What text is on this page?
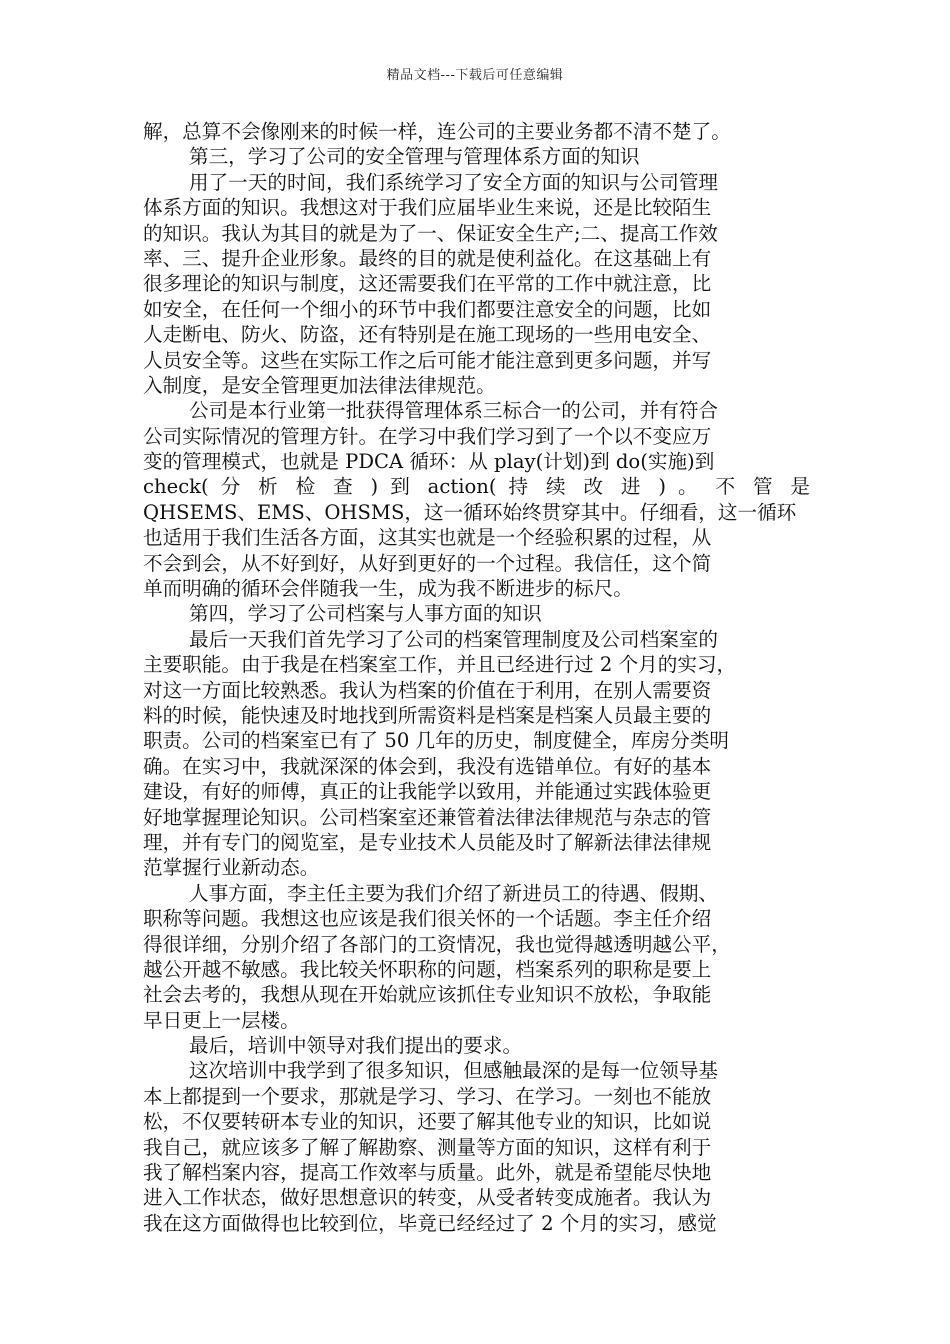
精品文档---下载后可任意编辑
解，总算不会像刚来的时候一样，连公司的主要业务都不清不楚了。
第三，学习了公司的安全管理与管理体系方面的知识
用了一天的时间，我们系统学习了安全方面的知识与公司管理
体系方面的知识。我想这对于我们应届毕业生来说，还是比较陌生
的知识。我认为其目的就是为了一、保证安全生产;二、提高工作效
率、三、提升企业形象。最终的目的就是使利益化。在这基础上有
很多理论的知识与制度，这还需要我们在平常的工作中就注意，比
如安全，在任何一个细小的环节中我们都要注意安全的问题，比如
人走断电、防火、防盗，还有特别是在施工现场的一些用电安全、
人员安全等。这些在实际工作之后可能才能注意到更多问题，并写
入制度，是安全管理更加法律法律规范。
公司是本行业第一批获得管理体系三标合一的公司，并有符合
公司实际情况的管理方针。在学习中我们学习到了一个以不变应万
变的管理模式，也就是 PDCA 循环：从 play(计划)到 do(实施)到
check( 分 析 检 查 ) 到 action( 持 续 改 进 ) 。 不 管 是
QHSEMS、EMS、OHSMS，这一循环始终贯穿其中。仔细看，这一循环
也适用于我们生活各方面，这其实也就是一个经验积累的过程，从
不会到会，从不好到好，从好到更好的一个过程。我信任，这个简
单而明确的循环会伴随我一生，成为我不断进步的标尺。
第四，学习了公司档案与人事方面的知识
最后一天我们首先学习了公司的档案管理制度及公司档案室的
主要职能。由于我是在档案室工作，并且已经进行过 2 个月的实习，
对这一方面比较熟悉。我认为档案的价值在于利用，在别人需要资
料的时候，能快速及时地找到所需资料是档案是档案人员最主要的
职责。公司的档案室已有了 50 几年的历史，制度健全，库房分类明
确。在实习中，我就深深的体会到，我没有选错单位。有好的基本
建设，有好的师傅，真正的让我能学以致用，并能通过实践体验更
好地掌握理论知识。公司档案室还兼管着法律法律规范与杂志的管
理，并有专门的阅览室，是专业技术人员能及时了解新法律法律规
范掌握行业新动态。
人事方面，李主任主要为我们介绍了新进员工的待遇、假期、
职称等问题。我想这也应该是我们很关怀的一个话题。李主任介绍
得很详细，分别介绍了各部门的工资情况，我也觉得越透明越公平，
越公开越不敏感。我比较关怀职称的问题，档案系列的职称是要上
社会去考的，我想从现在开始就应该抓住专业知识不放松，争取能
早日更上一层楼。
最后，培训中领导对我们提出的要求。
这次培训中我学到了很多知识，但感触最深的是每一位领导基
本上都提到一个要求，那就是学习、学习、在学习。一刻也不能放
松，不仅要转研本专业的知识，还要了解其他专业的知识，比如说
我自己，就应该多了解了解勘察、测量等方面的知识，这样有利于
我了解档案内容，提高工作效率与质量。此外，就是希望能尽快地
进入工作状态，做好思想意识的转变，从受者转变成施者。我认为
我在这方面做得也比较到位，毕竟已经经过了 2 个月的实习，感觉
